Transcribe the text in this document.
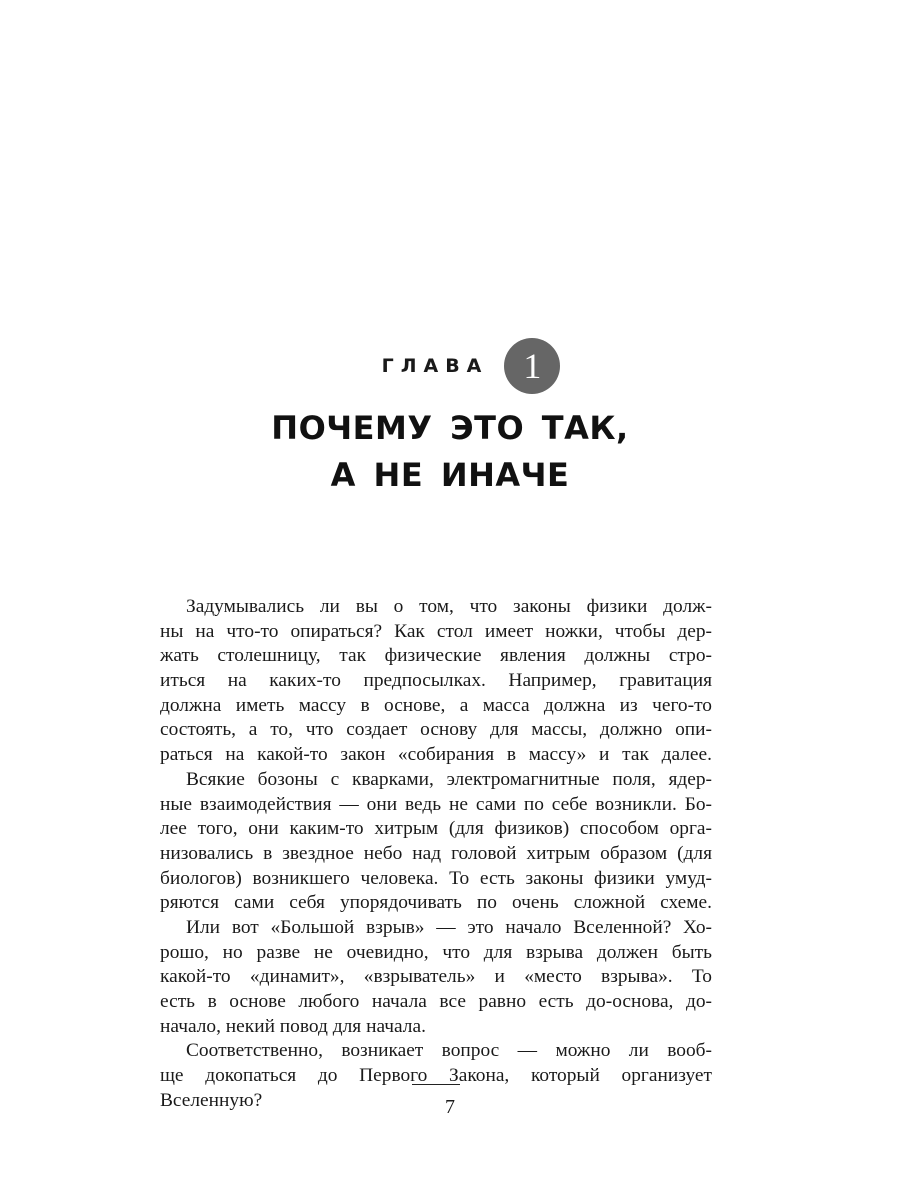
ГЛАВА 1
ПОЧЕМУ ЭТО ТАК,
А НЕ ИНАЧЕ
Задумывались ли вы о том, что законы физики долж-
ны на что-то опираться? Как стол имеет ножки, чтобы дер-
жать столешницу, так физические явления должны стро-
иться на каких-то предпосылках. Например, гравитация
должна иметь массу в основе, а масса должна из чего-то
состоять, а то, что создает основу для массы, должно опи-
раться на какой-то закон «собирания в массу» и так далее.
Всякие бозоны с кварками, электромагнитные поля, ядер-
ные взаимодействия — они ведь не сами по себе возникли. Бо-
лее того, они каким-то хитрым (для физиков) способом орга-
низовались в звездное небо над головой хитрым образом (для
биологов) возникшего человека. То есть законы физики умуд-
ряются сами себя упорядочивать по очень сложной схеме.
Или вот «Большой взрыв» — это начало Вселенной? Хо-
рошо, но разве не очевидно, что для взрыва должен быть
какой-то «динамит», «взрыватель» и «место взрыва». То
есть в основе любого начала все равно есть до-основа, до-
начало, некий повод для начала.
Соответственно, возникает вопрос — можно ли вооб-
ще докопаться до Первого Закона, который организует
Вселенную?	7
